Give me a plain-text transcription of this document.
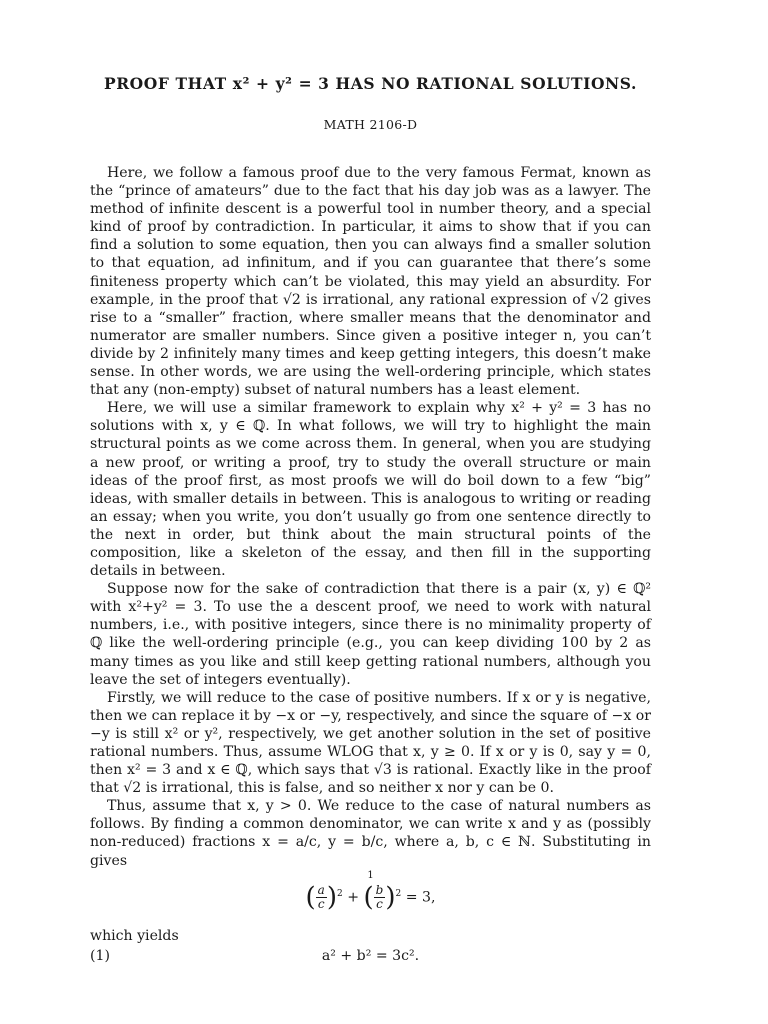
PROOF THAT x² + y² = 3 HAS NO RATIONAL SOLUTIONS.
MATH 2106-D

Here, we follow a famous proof due to the very famous Fermat, known as the “prince of amateurs” due to the fact that his day job was as a lawyer. The method of infinite descent is a powerful tool in number theory, and a special kind of proof by contradiction. In particular, it aims to show that if you can find a solution to some equation, then you can always find a smaller solution to that equation, ad infinitum, and if you can guarantee that there’s some finiteness property which can’t be violated, this may yield an absurdity. For example, in the proof that √2 is irrational, any rational expression of √2 gives rise to a “smaller” fraction, where smaller means that the denominator and numerator are smaller numbers. Since given a positive integer n, you can’t divide by 2 infinitely many times and keep getting integers, this doesn’t make sense. In other words, we are using the well-ordering principle, which states that any (non-empty) subset of natural numbers has a least element.

Here, we will use a similar framework to explain why x² + y² = 3 has no solutions with x, y ∈ ℚ. In what follows, we will try to highlight the main structural points as we come across them. In general, when you are studying a new proof, or writing a proof, try to study the overall structure or main ideas of the proof first, as most proofs we will do boil down to a few “big” ideas, with smaller details in between. This is analogous to writing or reading an essay; when you write, you don’t usually go from one sentence directly to the next in order, but think about the main structural points of the composition, like a skeleton of the essay, and then fill in the supporting details in between.

Suppose now for the sake of contradiction that there is a pair (x, y) ∈ ℚ² with x²+y² = 3. To use the a descent proof, we need to work with natural numbers, i.e., with positive integers, since there is no minimality property of ℚ like the well-ordering principle (e.g., you can keep dividing 100 by 2 as many times as you like and still keep getting rational numbers, although you leave the set of integers eventually).

Firstly, we will reduce to the case of positive numbers. If x or y is negative, then we can replace it by −x or −y, respectively, and since the square of −x or −y is still x² or y², respectively, we get another solution in the set of positive rational numbers. Thus, assume WLOG that x, y ≥ 0. If x or y is 0, say y = 0, then x² = 3 and x ∈ ℚ, which says that √3 is rational. Exactly like in the proof that √2 is irrational, this is false, and so neither x nor y can be 0.

Thus, assume that x, y > 0. We reduce to the case of natural numbers as follows. By finding a common denominator, we can write x and y as (possibly non-reduced) fractions x = a/c, y = b/c, where a, b, c ∈ ℕ. Substituting in gives

( $\frac{a}{c} )^2$ + ( $\frac{b}{c} )^2 = 3$,

which yields

(1)	a² + b² = 3c².
1
